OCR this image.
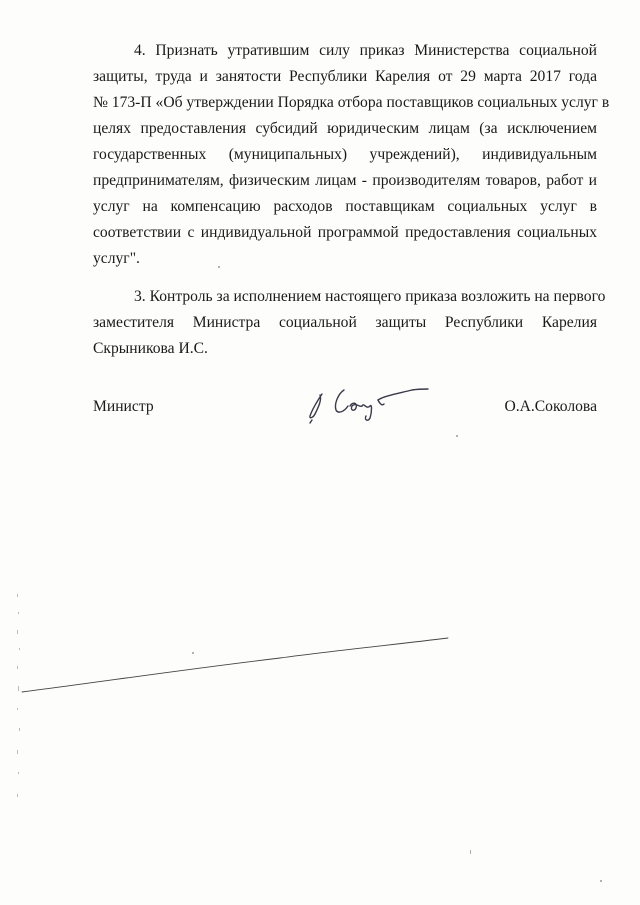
4. Признать утратившим силу приказ Министерства социальной
защиты, труда и занятости Республики Карелия от 29 марта 2017 года
№ 173-П «Об утверждении Порядка отбора поставщиков социальных услуг в
целях предоставления субсидий юридическим лицам (за исключением
государственных (муниципальных) учреждений), индивидуальным
предпринимателям, физическим лицам - производителям товаров, работ и
услуг на компенсацию расходов поставщикам социальных услуг в
соответствии с индивидуальной программой предоставления социальных
услуг".
3. Контроль за исполнением настоящего приказа возложить на первого
заместителя Министра социальной защиты Республики Карелия
Скрыникова И.С.
Министр	О.А.Соколова
